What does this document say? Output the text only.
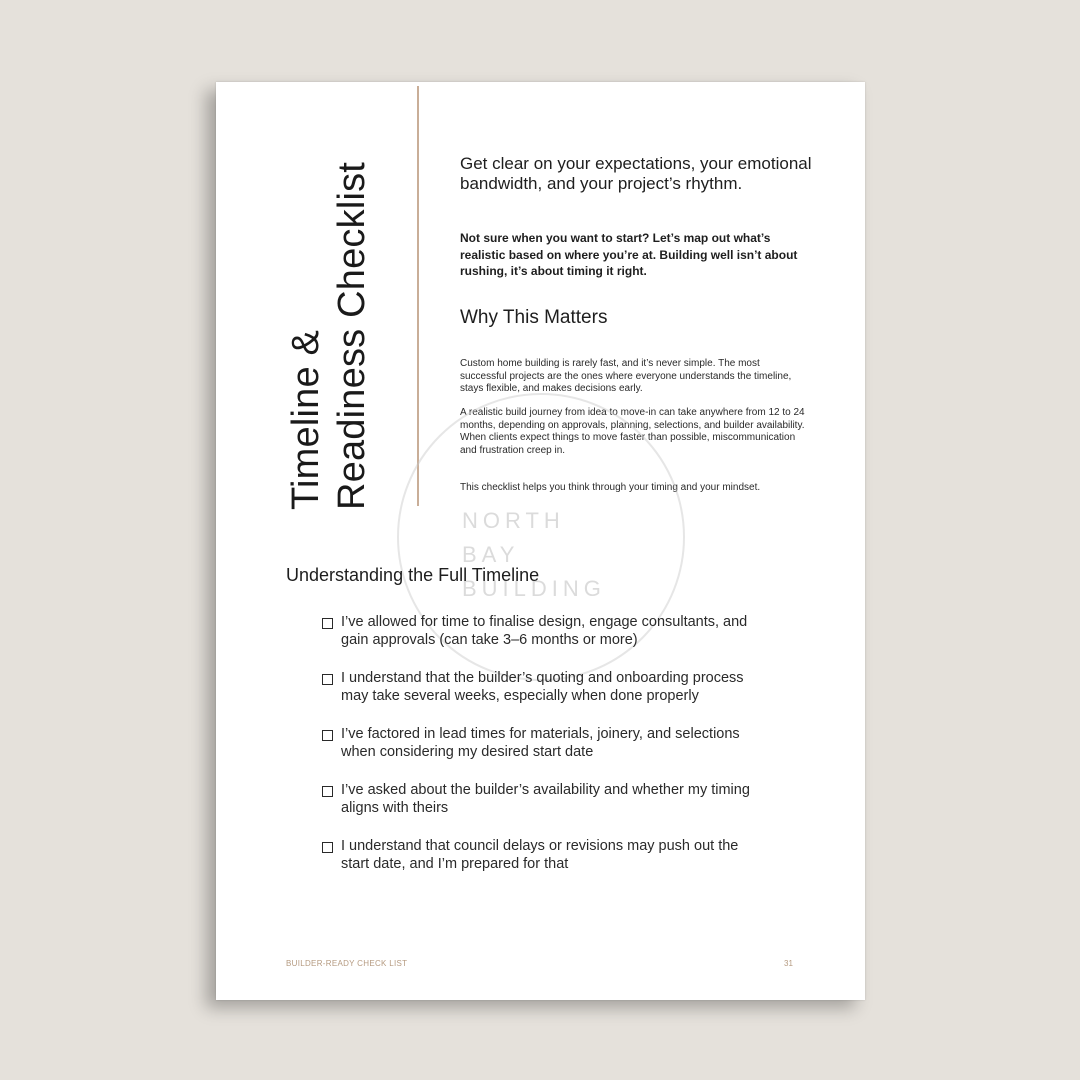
Timeline & Readiness Checklist	Get clear on your expectations, your emotional bandwidth, and your project’s rhythm.
Not sure when you want to start? Let’s map out what’s realistic based on where you’re at. Building well isn’t about rushing, it’s about timing it right.
Why This Matters
Custom home building is rarely fast, and it’s never simple. The most successful projects are the ones where everyone understands the timeline, stays flexible, and makes decisions early.
A realistic build journey from idea to move-in can take anywhere from 12 to 24 months, depending on approvals, planning, selections, and builder availability. When clients expect things to move faster than possible, miscommunication and frustration creep in.
This checklist helps you think through your timing and your mindset.
NORTH
BAY
BUILDING
Understanding the Full Timeline
I’ve allowed for time to finalise design, engage consultants, and gain approvals (can take 3–6 months or more)
I understand that the builder’s quoting and onboarding process may take several weeks, especially when done properly
I’ve factored in lead times for materials, joinery, and selections when considering my desired start date
I’ve asked about the builder’s availability and whether my timing aligns with theirs
I understand that council delays or revisions may push out the start date, and I’m prepared for that
BUILDER-READY CHECK LIST	31
